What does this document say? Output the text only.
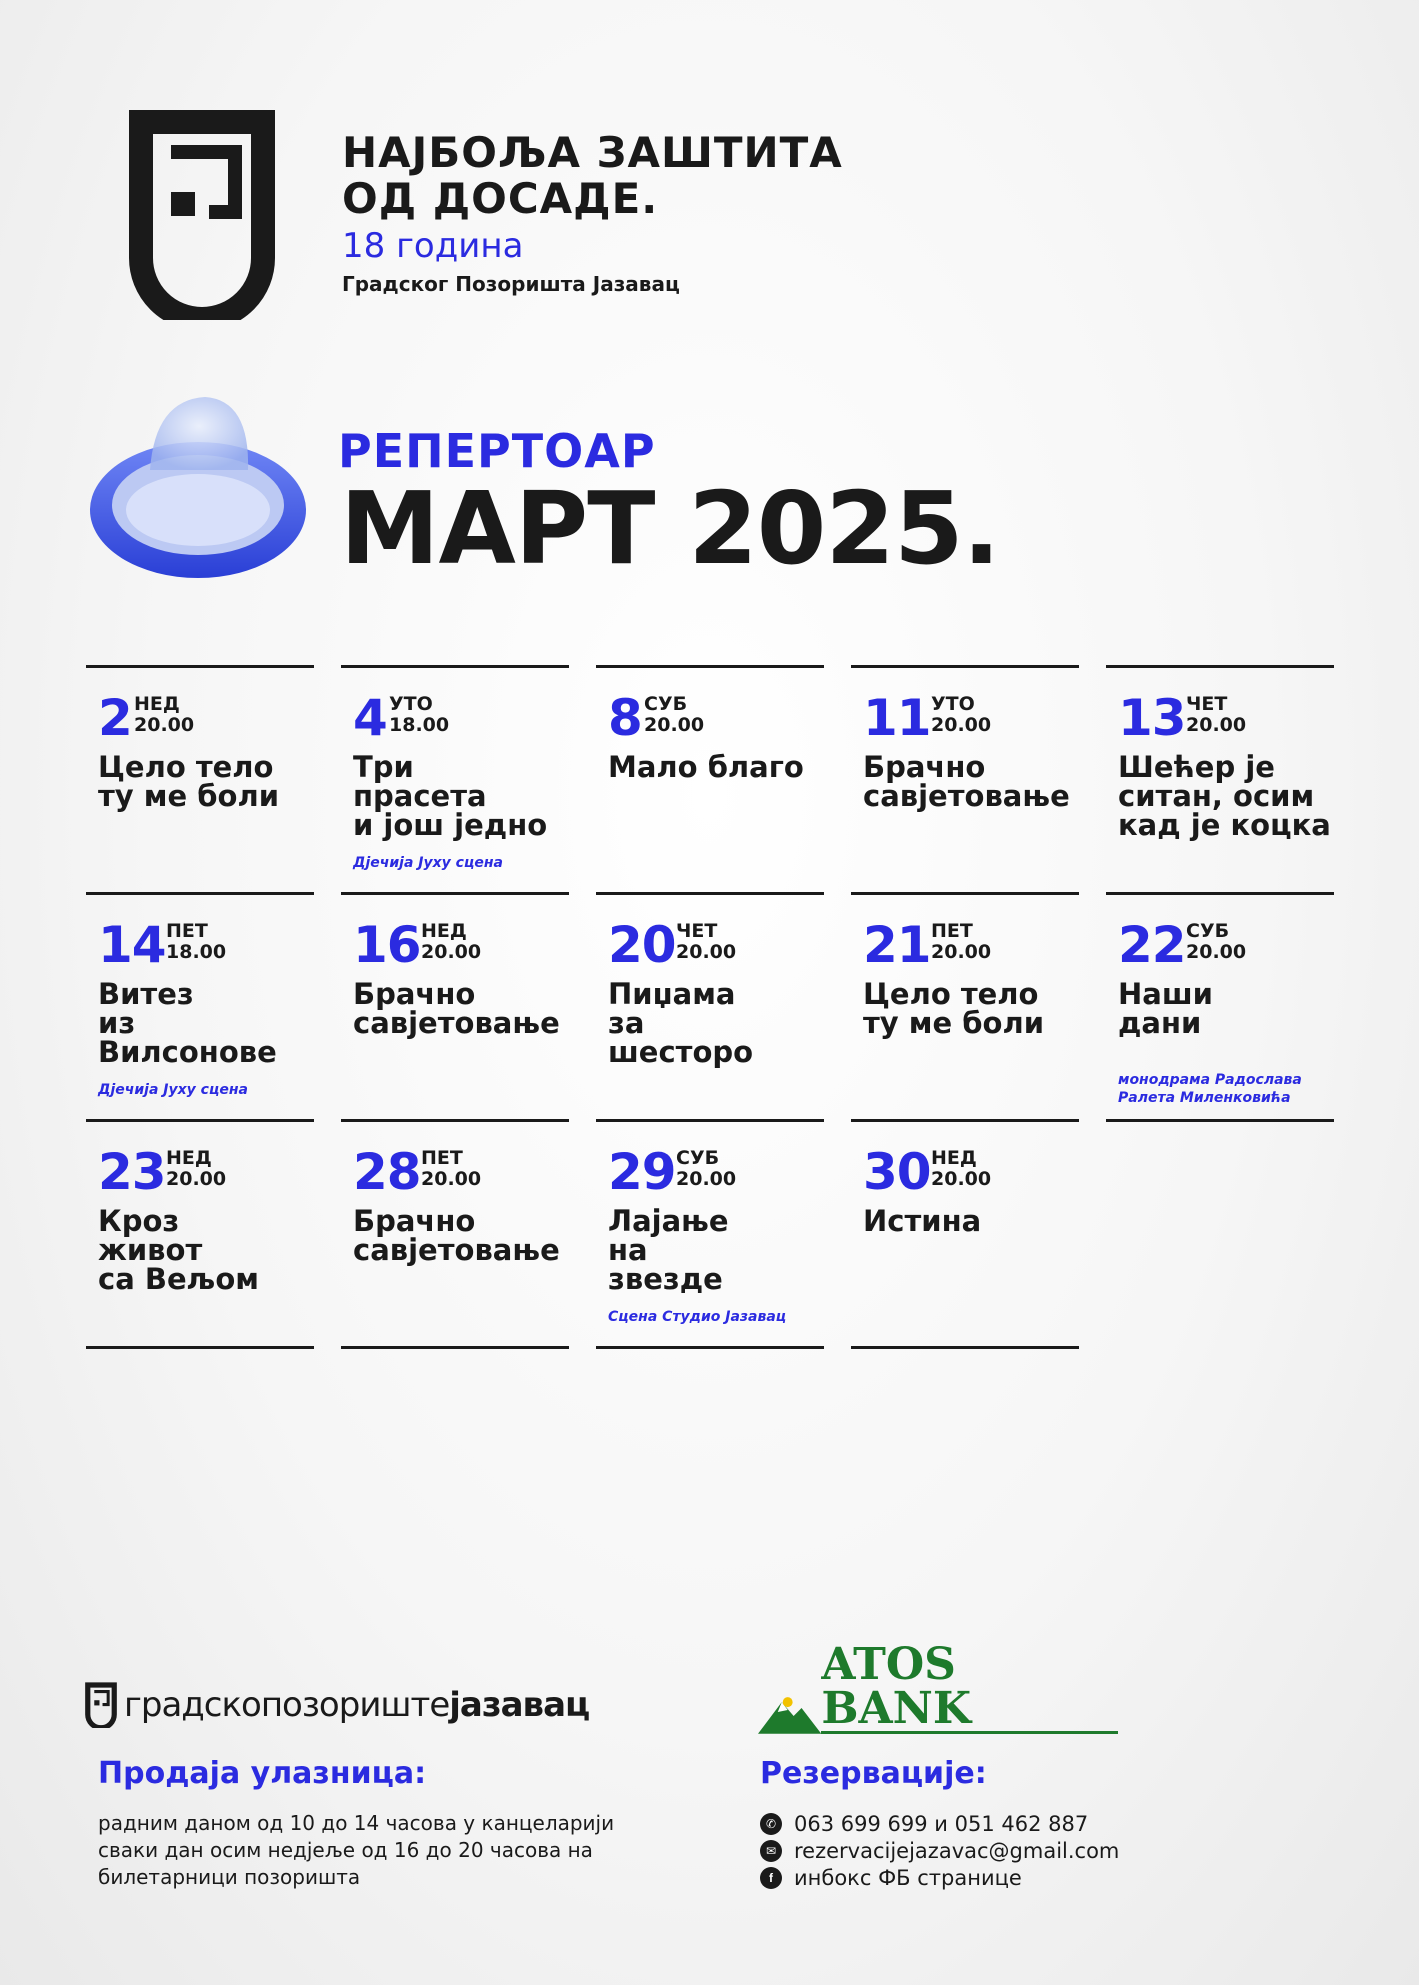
НАЈБОЉА ЗАШТИТА
ОД ДОСАДЕ.
18 година
Градског Позоришта Јазавац
РЕПЕРТОАР
МАРТ 2025.
2 НЕД
20.00
Цело тело
ту ме боли
4 УТО
18.00
Три
прасета
и још једно
Дјечија Јуху сцена
8 СУБ
20.00
Мало благо
11 УТО
20.00
Брачно
савјетовање
13 ЧЕТ
20.00
Шећер је
ситан, осим
кад је коцка
14 ПЕТ
18.00
Витез
из
Вилсонове
Дјечија Јуху сцена
16 НЕД
20.00
Брачно
савјетовање
20 ЧЕТ
20.00
Пиџама
за
шесторо
21 ПЕТ
20.00
Цело тело
ту ме боли
22 СУБ
20.00
Наши
дани
монодрама Радослава
Ралета Миленковића
23 НЕД
20.00
Кроз
живот
са Вељом
28 ПЕТ
20.00
Брачно
савјетовање
29 СУБ
20.00
Лајање
на
звезде
Сцена Студио Јазавац
30 НЕД
20.00
Истина
градскопозориште јазавац
ATOS BANK
Продаја улазница:
радним даном од 10 до 14 часова у канцеларији
сваки дан осим недјеље од 16 до 20 часова на
билетарници позоришта
Резервације:
✆ 063 699 699 и 051 462 887
✉ rezervacijejazavac@gmail.com
f	инбокс ФБ странице
